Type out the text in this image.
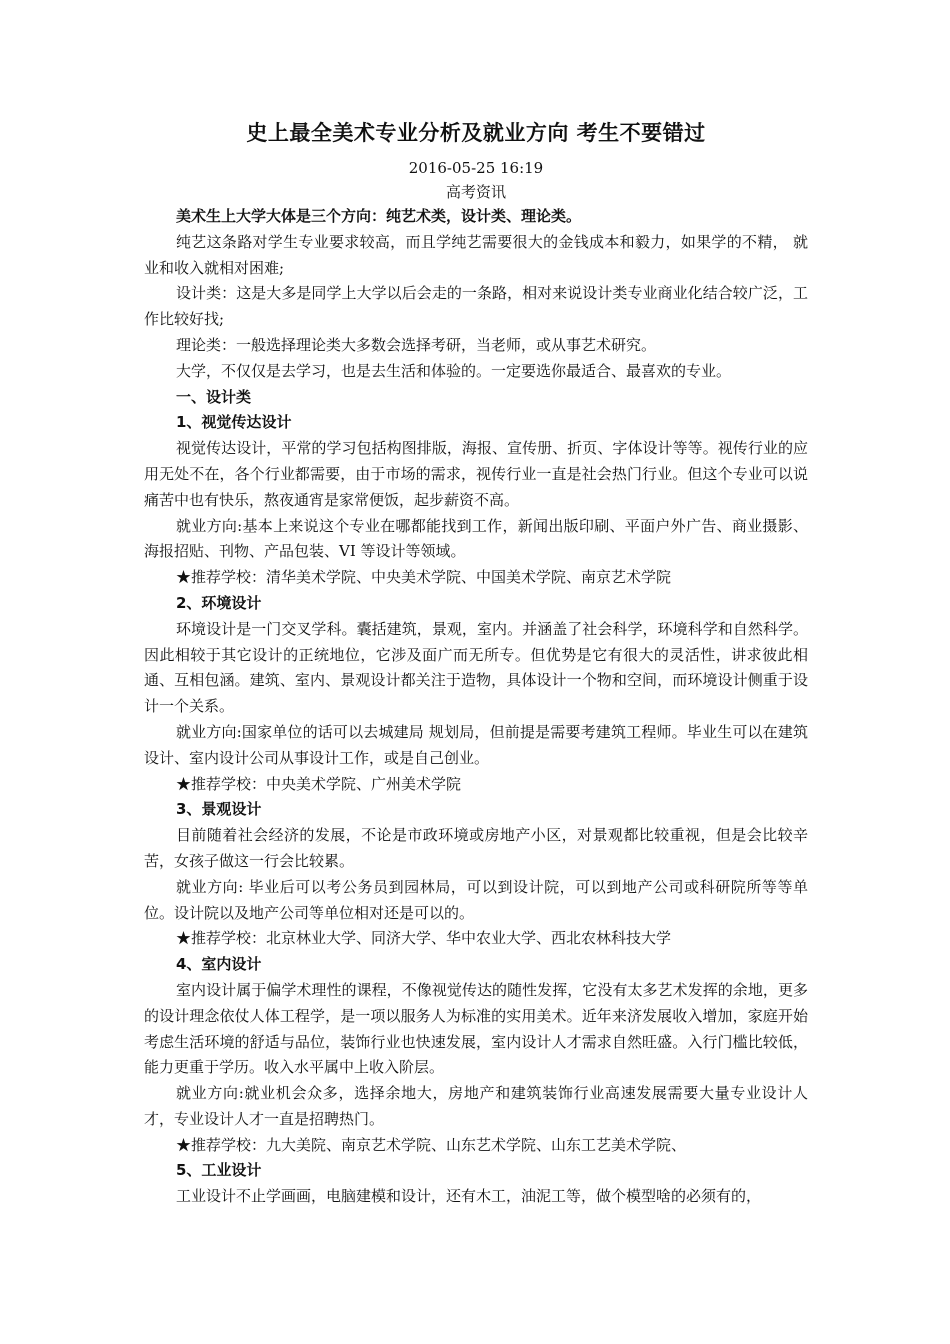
史上最全美术专业分析及就业方向 考生不要错过

2016-05-25 16:19

高考资讯

美术生上大学大体是三个方向：纯艺术类，设计类、理论类。

纯艺这条路对学生专业要求较高，而且学纯艺需要很大的金钱成本和毅力，如果学的不精， 就业和收入就相对困难;

设计类：这是大多是同学上大学以后会走的一条路，相对来说设计类专业商业化结合较广泛，工作比较好找;

理论类：一般选择理论类大多数会选择考研，当老师，或从事艺术研究。

大学，不仅仅是去学习，也是去生活和体验的。一定要选你最适合、最喜欢的专业。

一、设计类

1、视觉传达设计

视觉传达设计，平常的学习包括构图排版，海报、宣传册、折页、字体设计等等。视传行业的应用无处不在，各个行业都需要，由于市场的需求，视传行业一直是社会热门行业。但这个专业可以说痛苦中也有快乐，熬夜通宵是家常便饭，起步薪资不高。

就业方向:基本上来说这个专业在哪都能找到工作，新闻出版印刷、平面户外广告、商业摄影、海报招贴、刊物、产品包装、VI 等设计等领域。

★推荐学校：清华美术学院、中央美术学院、中国美术学院、南京艺术学院

2、环境设计

环境设计是一门交叉学科。囊括建筑，景观，室内。并涵盖了社会科学，环境科学和自然科学。因此相较于其它设计的正统地位，它涉及面广而无所专。但优势是它有很大的灵活性，讲求彼此相通、互相包涵。建筑、室内、景观设计都关注于造物，具体设计一个物和空间，而环境设计侧重于设计一个关系。

就业方向:国家单位的话可以去城建局 规划局，但前提是需要考建筑工程师。毕业生可以在建筑设计、室内设计公司从事设计工作，或是自己创业。

★推荐学校：中央美术学院、广州美术学院

3、景观设计

目前随着社会经济的发展，不论是市政环境或房地产小区，对景观都比较重视，但是会比较辛苦，女孩子做这一行会比较累。

就业方向: 毕业后可以考公务员到园林局，可以到设计院，可以到地产公司或科研院所等等单位。设计院以及地产公司等单位相对还是可以的。

★推荐学校：北京林业大学、同济大学、华中农业大学、西北农林科技大学

4、室内设计

室内设计属于偏学术理性的课程，不像视觉传达的随性发挥，它没有太多艺术发挥的余地，更多的设计理念依仗人体工程学，是一项以服务人为标准的实用美术。近年来济发展收入增加，家庭开始考虑生活环境的舒适与品位，装饰行业也快速发展，室内设计人才需求自然旺盛。入行门槛比较低，能力更重于学历。收入水平属中上收入阶层。

就业方向:就业机会众多，选择余地大，房地产和建筑装饰行业高速发展需要大量专业设计人才，专业设计人才一直是招聘热门。

★推荐学校：九大美院、南京艺术学院、山东艺术学院、山东工艺美术学院、

5、工业设计

工业设计不止学画画，电脑建模和设计，还有木工，油泥工等，做个模型啥的必须有的，
